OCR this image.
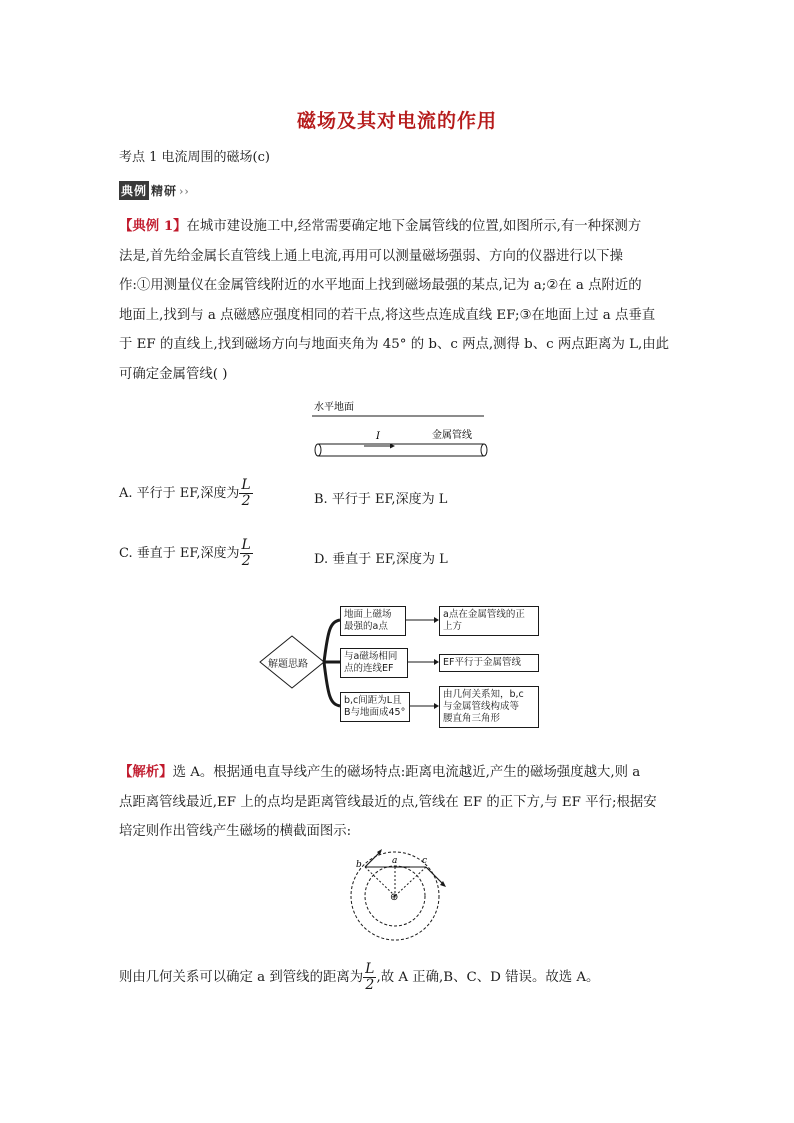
磁场及其对电流的作用
考点 1 电流周围的磁场(c)
典例 精研 ››
【典例 1】在城市建设施工中,经常需要确定地下金属管线的位置,如图所示,有一种探测方
法是,首先给金属长直管线上通上电流,再用可以测量磁场强弱、方向的仪器进行以下操
作:①用测量仪在金属管线附近的水平地面上找到磁场最强的某点,记为 a;②在 a 点附近的
地面上,找到与 a 点磁感应强度相同的若干点,将这些点连成直线 EF;③在地面上过 a 点垂直
于 EF 的直线上,找到磁场方向与地面夹角为 45° 的 b、c 两点,测得 b、c 两点距离为 L,由此
可确定金属管线( )
水平地面
I	金属管线
A. 平行于 EF,深度为 $\frac{L}{2}$	B. 平行于 EF,深度为 L
C. 垂直于 EF,深度为 $\frac{L}{2}$	D. 垂直于 EF,深度为 L
解题思路
地面上磁场
最强的a点
与a磁场相同
点的连线EF
b,c间距为L且
B与地面成45°
a点在金属管线的正
上方
EF平行于金属管线
由几何关系知，b,c
与金属管线构成等
腰直角三角形
【解析】选 A。根据通电直导线产生的磁场特点:距离电流越近,产生的磁场强度越大,则 a
点距离管线最近,EF 上的点均是距离管线最近的点,管线在 EF 的正下方,与 EF 平行;根据安
培定则作出管线产生磁场的横截面图示:
b	a	c
⊕
则由几何关系可以确定 a 到管线的距离为 $\frac{L}{2}$ ,故 A 正确,B、C、D 错误。故选 A。
